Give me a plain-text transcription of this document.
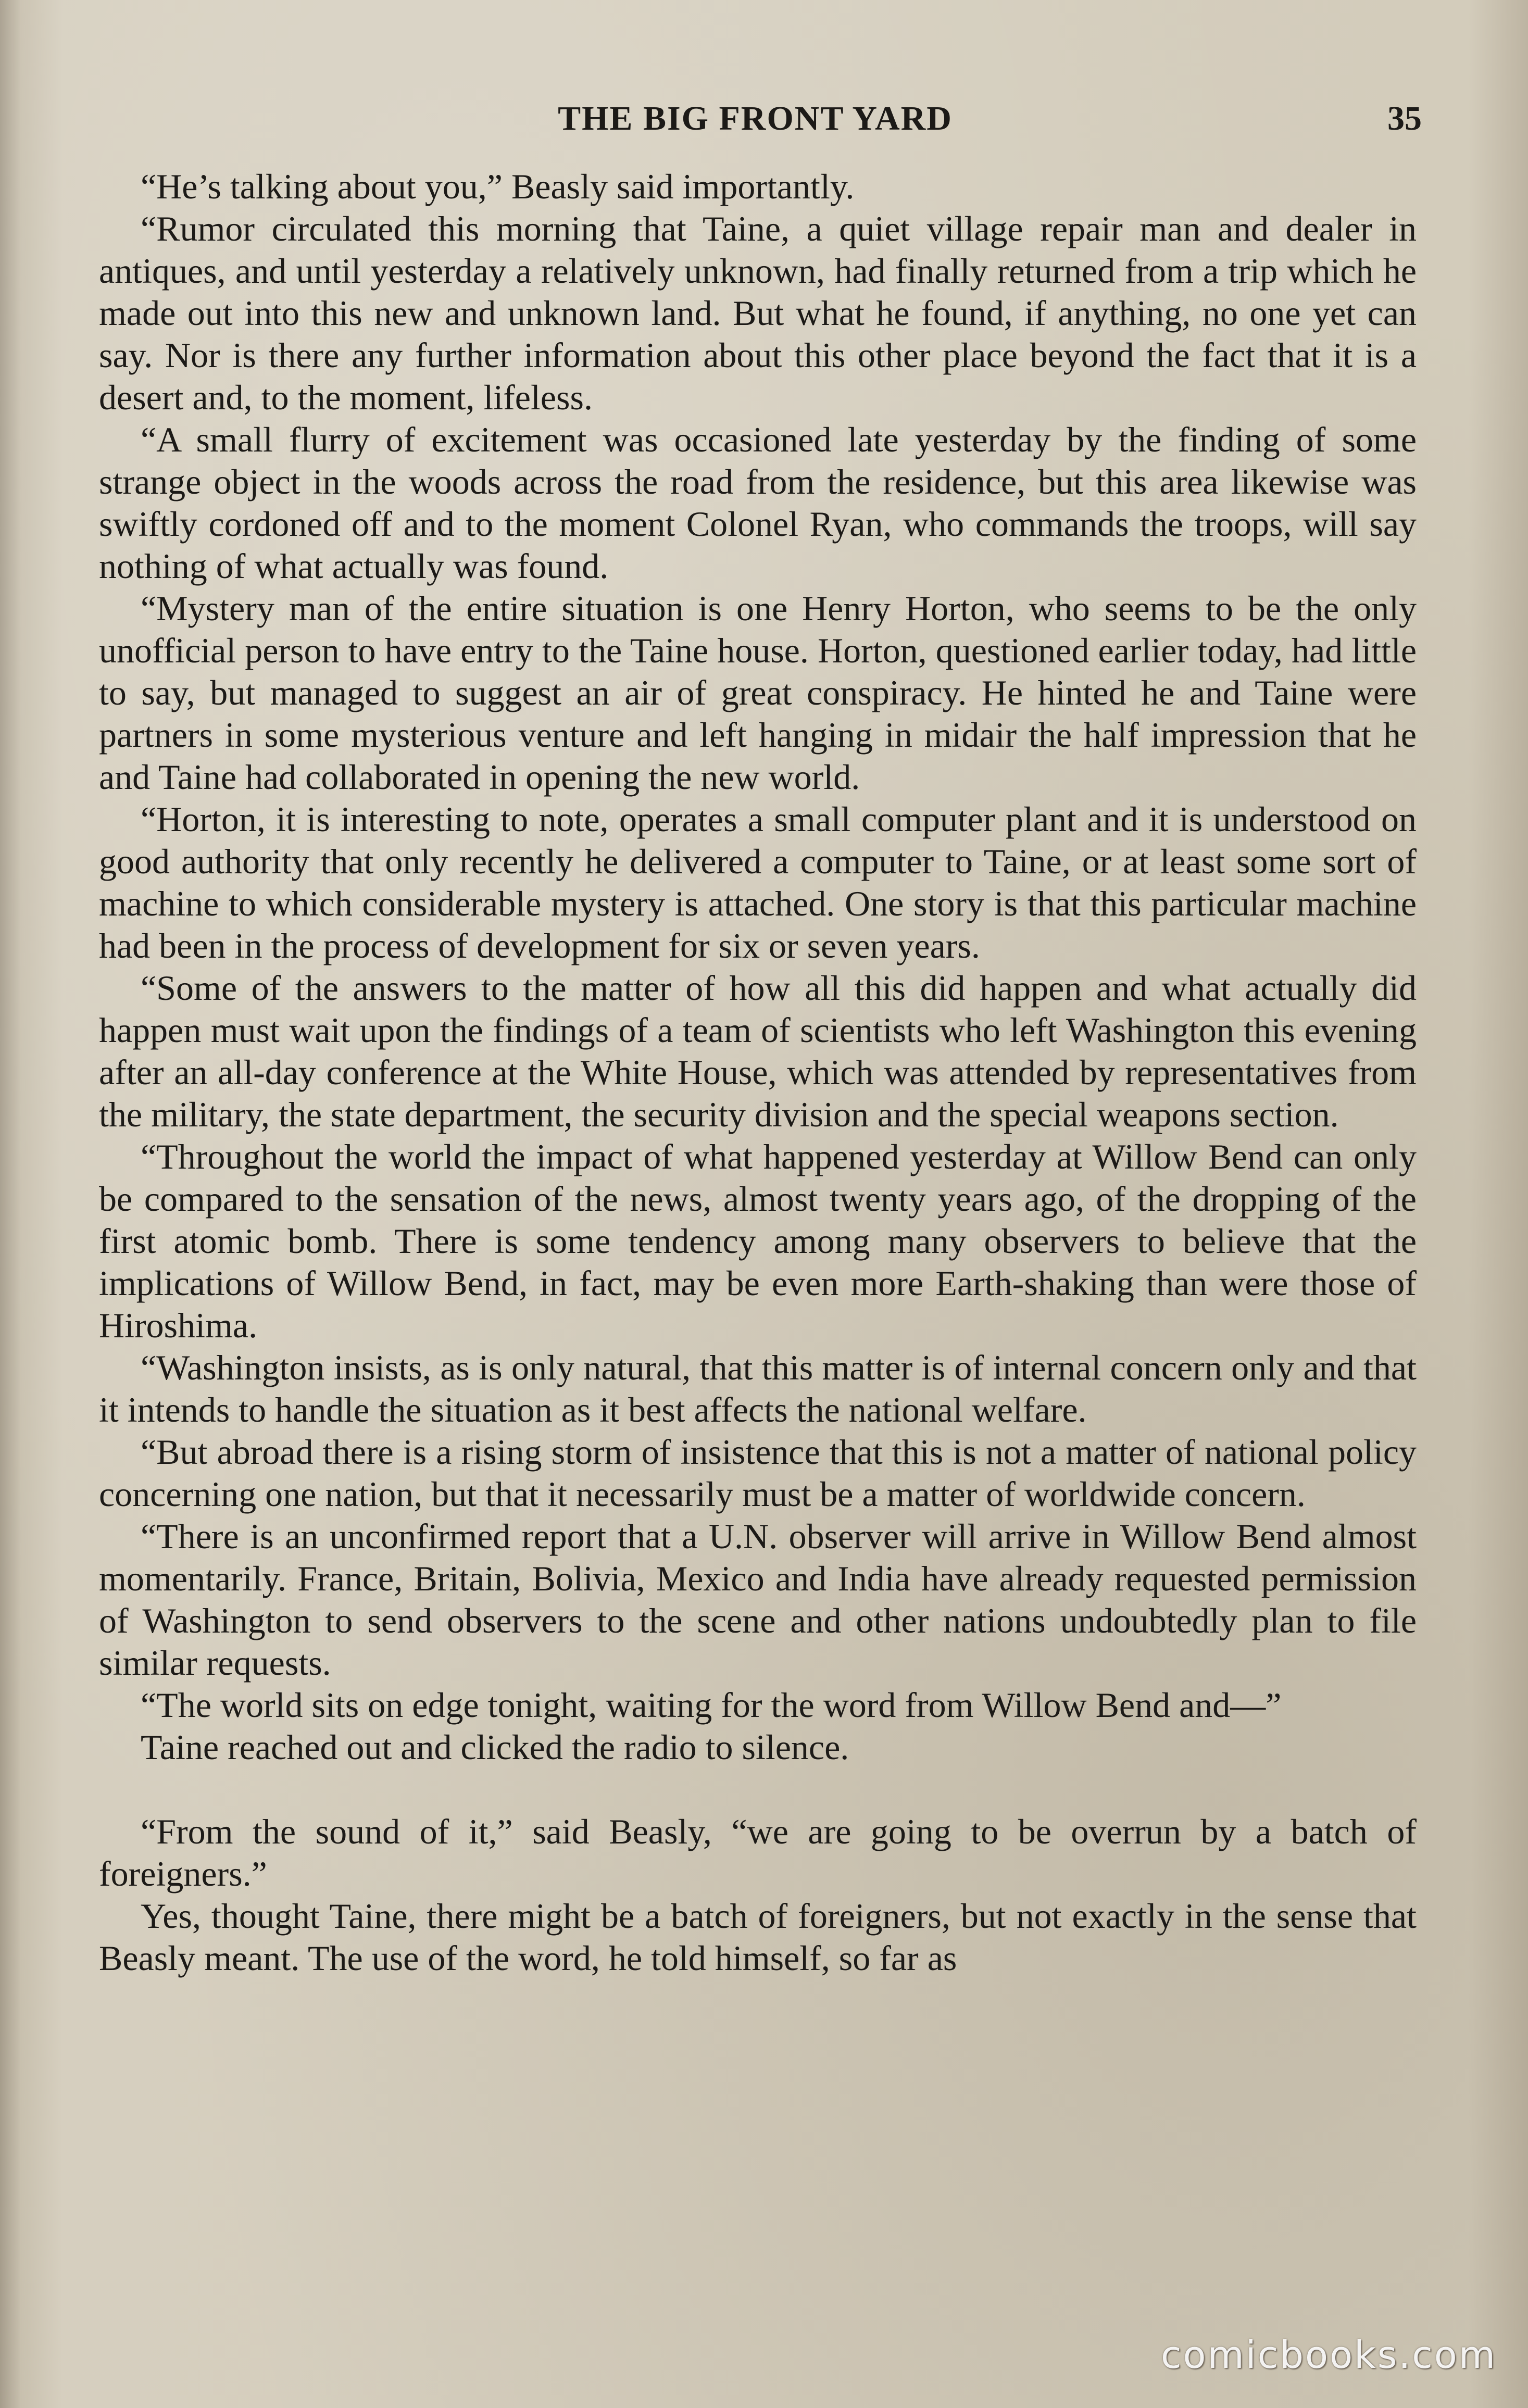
THE BIG FRONT YARD	35

“He’s talking about you,” Beasly said importantly.

“Rumor circulated this morning that Taine, a quiet village repair man and dealer in antiques, and until yesterday a relatively unknown, had finally returned from a trip which he made out into this new and unknown land. But what he found, if anything, no one yet can say. Nor is there any further information about this other place beyond the fact that it is a desert and, to the moment, lifeless.

“A small flurry of excitement was occasioned late yesterday by the finding of some strange object in the woods across the road from the residence, but this area likewise was swiftly cordoned off and to the moment Colonel Ryan, who commands the troops, will say nothing of what actually was found.

“Mystery man of the entire situation is one Henry Horton, who seems to be the only unofficial person to have entry to the Taine house. Horton, questioned earlier today, had little to say, but managed to suggest an air of great conspiracy. He hinted he and Taine were partners in some mysterious venture and left hanging in midair the half impression that he and Taine had collaborated in opening the new world.

“Horton, it is interesting to note, operates a small computer plant and it is understood on good authority that only recently he delivered a computer to Taine, or at least some sort of machine to which considerable mystery is attached. One story is that this particular machine had been in the process of development for six or seven years.

“Some of the answers to the matter of how all this did happen and what actually did happen must wait upon the findings of a team of scientists who left Washington this evening after an all-day conference at the White House, which was attended by representatives from the military, the state department, the security division and the special weapons section.

“Throughout the world the impact of what happened yesterday at Willow Bend can only be compared to the sensation of the news, almost twenty years ago, of the dropping of the first atomic bomb. There is some tendency among many observers to believe that the implications of Willow Bend, in fact, may be even more Earth-shaking than were those of Hiroshima.

“Washington insists, as is only natural, that this matter is of internal concern only and that it intends to handle the situation as it best affects the national welfare.

“But abroad there is a rising storm of insistence that this is not a matter of national policy concerning one nation, but that it necessarily must be a matter of worldwide concern.

“There is an unconfirmed report that a U.N. observer will arrive in Willow Bend almost momentarily. France, Britain, Bolivia, Mexico and India have already requested permission of Washington to send observers to the scene and other nations undoubtedly plan to file similar requests.

“The world sits on edge tonight, waiting for the word from Willow Bend and—”

Taine reached out and clicked the radio to silence.

“From the sound of it,” said Beasly, “we are going to be overrun by a batch of foreigners.”

Yes, thought Taine, there might be a batch of foreigners, but not exactly in the sense that Beasly meant. The use of the word, he told himself, so far as

comicbooks.com
